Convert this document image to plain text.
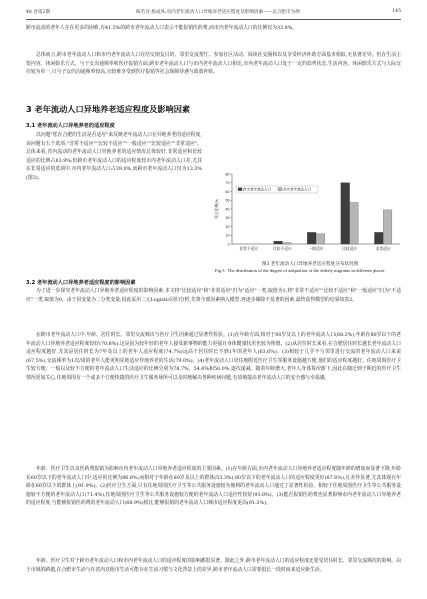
48 卷第2期	杨若诗,杨成凤:省内老年流动人口异地养老适应程度及影响因素——以合肥市为例	145

跨市流动的老年人存在更多的困难,有41.5%的跨市老年流动人口表示不能报销医药费,而市内老年流动人口的比例仅为33.8%。

总体而言,跨市老年流动人口和市内老年流动人口在结交朋友目的、邻里交流帮忙、参加社区活动、阅读社交圈和以及享受经济补助方面基本相似,无显著差异。但在生活主要内容、休闲娱乐方式、与子女沟通频率和医疗报销方面,跨市老年流动人口与市内老年流动人口相比,市内老年流动人口处于一定的弱势状态,生活内容、休闲娱乐方式与人际交往较为单一,只与子女的沟通频率较高,且较难享受到医疗报销等社会保障待遇与政策补贴。

3 老年流动人口异地养老适应程度及影响因素
3.1 老年流动人口异地养老的适应程度

以问题"您在合肥的生活是否适应"来反映老年流动人口在异地养老的适应程度,该问题有五个选项:"非常不适应""比较不适应""一般适应""比较适应""非常适应"。总体来看,省内流动的老年流动人口异地养老的适应情况总体较好,非常适应和比较适应的比例占83.9%;但跨市老年流动人口的适应程度较市内老年流动人口差,尤其在非常适应的选项中,市内老年流动人口占39.0%,而跨市老年流动人口仅为13.3%(图3)。

0
10
20
30
40
50
60
70
80
所占比例/%
非常不适应	比较不适应	一般适应	比较适应	非常适应
跨市老年流动人口	市内老年流动人口
图3 老年流动人口异地养老适应程度分布状况图
Fig.3 The distribution of the degree of adaptation of the elderly migrants in different places
3.2 老年流动人口异地养老适应程度的影响因素

为了进一步探究老年流动人口异地养老适应程度的影响因素,本文将"比较适应"和"非常适应"归为"适应"一类,取值为1,将"非常不适应""比较不适应"和"一般适应"归为"不适应"一类,取值为0。由于因变量为二分类变量,因此采用二元Logistic回归分析,先将全部因素纳入模型,再逐步剔除不显著的因素,最终获得模型的结果如表2。

在跨市老年流动人口中,年龄、居住时长、邻里交流频次与医疗卫生因素通过显著性检验。(1)在年龄方面,相对于80岁及以上的老年流动人口(68.2%),年龄在80岁以下的老年流动人口异地养老适应程度较好(70.8%),这是因为较年轻的老年人接受新事物的能力更强且身体健康状况也较为理想。(2)从居住时长来看,在合肥居住时长越长老年流动人口适应程度越好,尤其是居住时长为7年及以上的老年人适应程度(74.7%)远高于居住时长不到1年的老年人(63.6%)。(3)相较于几乎不与邻里进行交流的老年流动人口来说(67.5%),交流频率为1次/周的老年人能更明显地适应异地养老的生活(79.0%)。(4)老年流动人口居住地附近医疗卫生等服务设施越方便,他们的适应程度越好。住地周围医疗卫生较方便、一般以及较不方便的老年流动人口生活适应的比例分别为78.7%、54.6%和50.0%,逐次递减。随着年龄增大,老年人身体每况愈下,因此在随迁到子期近的医疗卫生情况更加关心,住地周围有一个或多个方便快捷的医疗卫生服务场所可以及时地解决各种疾病问题,有效地提高老年流动人口的安全感与幸福感。

年龄、医疗卫生以及医药费报销为影响市内老年流动人口异地养老适应程度的主要因素。(1)在年龄方面,市内老年流动人口异地养老适应程度随年龄的增加而显著下降,年龄在60岁以下的老年流动人口中,适应的比例为86.8%;而相对于年龄在80岁及以上的群体(53.3%),80岁以下的老年流动人口的适应程度更好(87.6%),且差异显著,尤其体现在年龄在60岁以下的群体上(91.9%)。(2)医疗卫生方面,只有住地周围医疗卫生等公共服务设施较为便利的老年流动人口通过了显著性检验。相较于住地周围医疗卫生等公共服务设施较不方便的老年流动人口(71.4%),住地周围医疗卫生等公共服务设施较方便的老年流动人口适应性较好(93.8%)。(3)能否报销医药费也显著影响市内老年流动人口异地养老的适应程度,与能够报销医药费的老年流动人口(68.9%)相比,能够报销的老年流动人口城市适应程度更高(91.2%)。

年龄、医疗卫生对于跨市老年流动人口和市内老年流动人口的适应程度的影响都很显著。除此之外,跨市老年流动人口的适应程度还要受居住时长、邻里交流频次的影响。由于市域的跨越,在合肥市生活与在省内其他市生活可能存在生活习惯与文化背景上的差异,跨市老年流动人口需要很长一段时间来适应新生活,
